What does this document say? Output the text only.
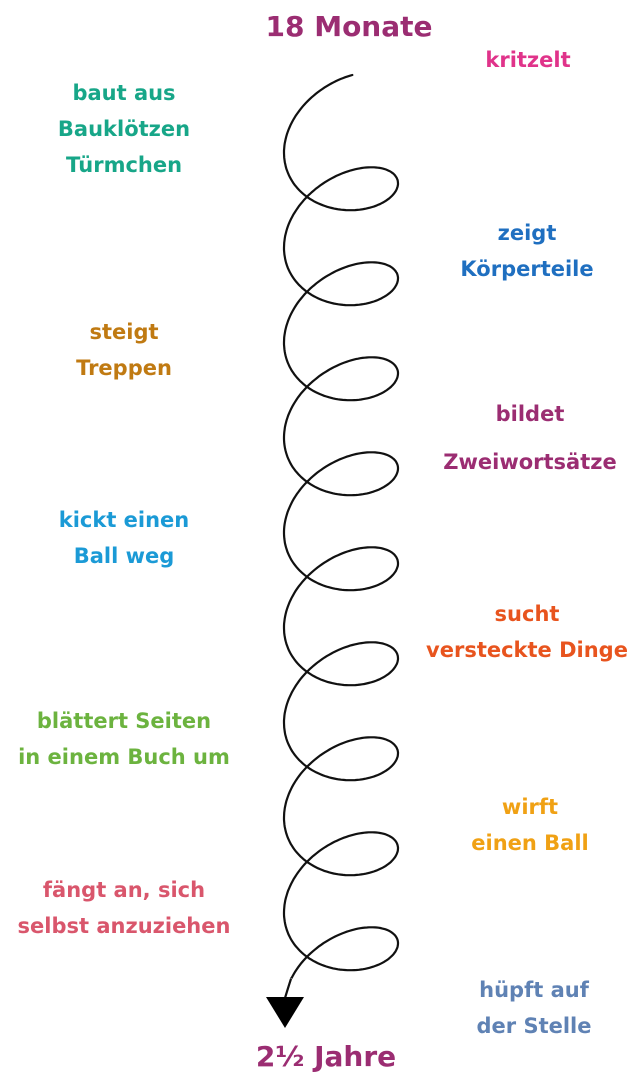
18 Monate
2½ Jahre
kritzelt
baut aus
Bauklötzen
Türmchen
zeigt
Körperteile
steigt
Treppen
bildet
Zweiwortsätze
kickt einen
Ball weg
sucht
versteckte Dinge
blättert Seiten
in einem Buch um
wirft
einen Ball
fängt an, sich
selbst anzuziehen
hüpft auf
der Stelle
